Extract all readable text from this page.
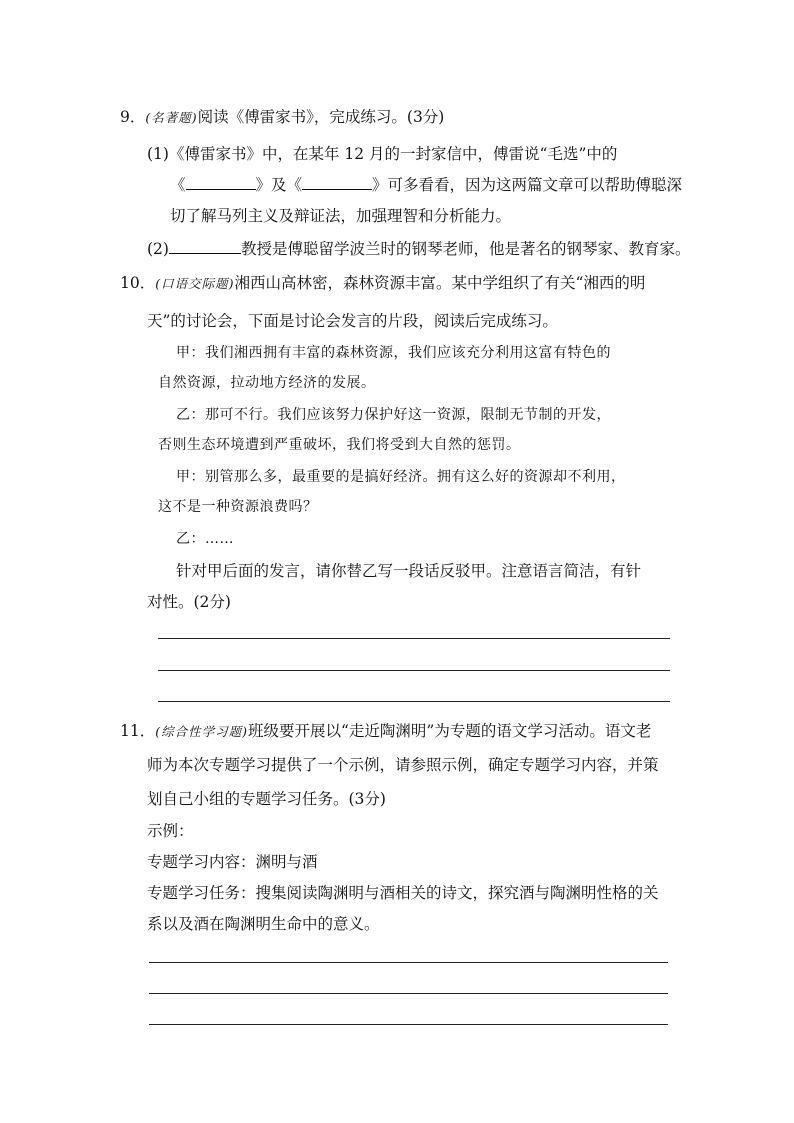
9．(名著题)阅读《傅雷家书》，完成练习。(3分)
(1)《傅雷家书》中，在某年 12 月的一封家信中，傅雷说“毛选”中的
《	》及《	》可多看看，因为这两篇文章可以帮助傅聪深
切了解马列主义及辩证法，加强理智和分析能力。
(2)	教授是傅聪留学波兰时的钢琴老师，他是著名的钢琴家、教育家。
10．(口语交际题)湘西山高林密，森林资源丰富。某中学组织了有关“湘西的明
天”的讨论会，下面是讨论会发言的片段，阅读后完成练习。
甲：我们湘西拥有丰富的森林资源，我们应该充分利用这富有特色的
自然资源，拉动地方经济的发展。
乙：那可不行。我们应该努力保护好这一资源，限制无节制的开发，
否则生态环境遭到严重破坏，我们将受到大自然的惩罚。
甲：别管那么多，最重要的是搞好经济。拥有这么好的资源却不利用，
这不是一种资源浪费吗？
乙：……
针对甲后面的发言，请你替乙写一段话反驳甲。注意语言简洁，有针
对性。(2分)
11．(综合性学习题)班级要开展以“走近陶渊明”为专题的语文学习活动。语文老
师为本次专题学习提供了一个示例，请参照示例，确定专题学习内容，并策
划自己小组的专题学习任务。(3分)
示例：
专题学习内容：渊明与酒
专题学习任务：搜集阅读陶渊明与酒相关的诗文，探究酒与陶渊明性格的关
系以及酒在陶渊明生命中的意义。
